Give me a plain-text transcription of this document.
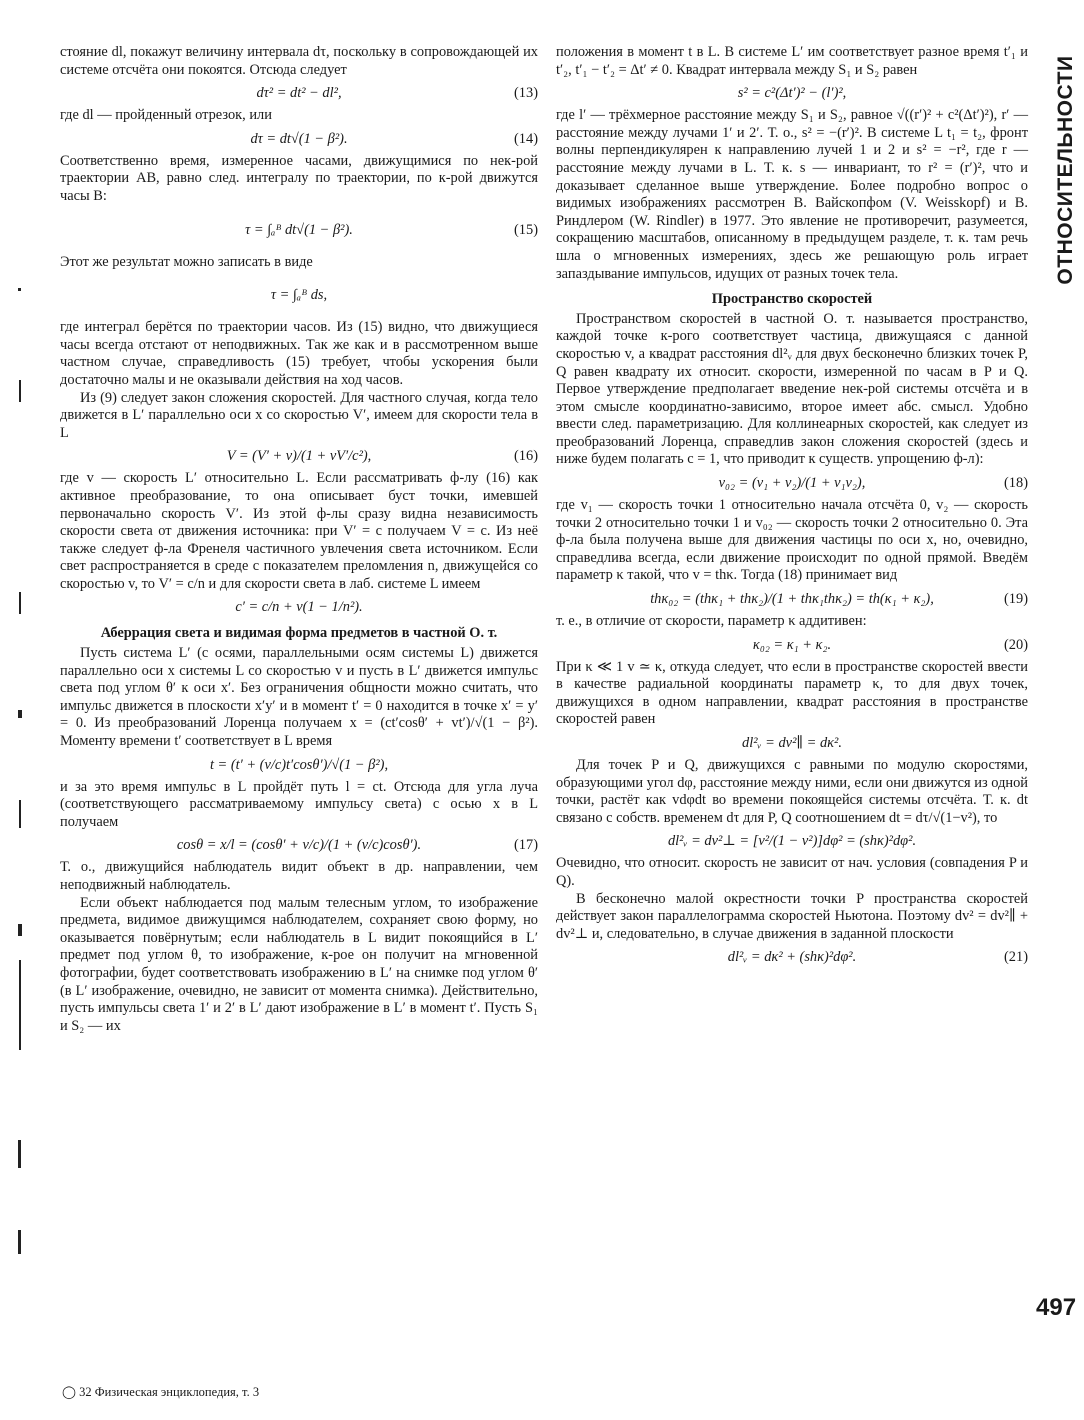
ОТНОСИТЕЛЬНОСТИ

стояние dl, покажут величину интервала dτ, поскольку в сопровождающей их системе отсчёта они покоятся. Отсюда следует

dτ² = dt² − dl²,	(13)

где dl — пройденный отрезок, или

dτ = dt√(1 − β²).	(14)

Соответственно время, измеренное часами, движущимися по нек-рой траектории AB, равно след. интегралу по траектории, по к-рой движутся часы B:

τ = ∫ₐᴮ dt√(1 − β²).	(15)

Этот же результат можно записать в виде

τ = ∫ₐᴮ ds,

где интеграл берётся по траектории часов. Из (15) видно, что движущиеся часы всегда отстают от неподвижных. Так же как и в рассмотренном выше частном случае, справедливость (15) требует, чтобы ускорения были достаточно малы и не оказывали действия на ход часов.

Из (9) следует закон сложения скоростей. Для частного случая, когда тело движется в L′ параллельно оси x со скоростью V′, имеем для скорости тела в L

V = (V′ + v)/(1 + vV′/c²),	(16)

где v — скорость L′ относительно L. Если рассматривать ф-лу (16) как активное преобразование, то она описывает буст точки, имевшей первоначально скорость V′. Из этой ф-лы сразу видна независимость скорости света от движения источника: при V′ = c получаем V = c. Из неё также следует ф-ла Френеля частичного увлечения света источником. Если свет распространяется в среде с показателем преломления n, движущейся со скоростью v, то V′ = c/n и для скорости света в лаб. системе L имеем

c′ = c/n + v(1 − 1/n²).
Аберрация света и видимая форма предметов в частной О. т.

Пусть система L′ (с осями, параллельными осям системы L) движется параллельно оси x системы L со скоростью v и пусть в L′ движется импульс света под углом θ′ к оси x′. Без ограничения общности можно считать, что импульс движется в плоскости x′y′ и в момент t′ = 0 находится в точке x′ = y′ = 0. Из преобразований Лоренца получаем x = (ct′cosθ′ + vt′)/√(1 − β²). Моменту времени t′ соответствует в L время

t = (t′ + (v/c)t′cosθ′)/√(1 − β²),

и за это время импульс в L пройдёт путь l = ct. Отсюда для угла луча (соответствующего рассматриваемому импульсу света) с осью x в L получаем

cosθ = x/l = (cosθ′ + v/c)/(1 + (v/c)cosθ′).	(17)

Т. о., движущийся наблюдатель видит объект в др. направлении, чем неподвижный наблюдатель.

Если объект наблюдается под малым телесным углом, то изображение предмета, видимое движущимся наблюдателем, сохраняет свою форму, но оказывается повёрнутым; если наблюдатель в L видит покоящийся в L′ предмет под углом θ, то изображение, к-рое он получит на мгновенной фотографии, будет соответствовать изображению в L′ на снимке под углом θ′ (в L′ изображение, очевидно, не зависит от момента снимка). Действительно, пусть импульсы света 1′ и 2′ в L′ дают изображение в L′ в момент t′. Пусть S₁ и S₂ — их

положения в момент t в L. В системе L′ им соответствует разное время t′₁ и t′₂, t′₁ − t′₂ = Δt′ ≠ 0. Квадрат интервала между S₁ и S₂ равен

s² = c²(Δt′)² − (l′)²,

где l′ — трёхмерное расстояние между S₁ и S₂, равное √((r′)² + c²(Δt′)²), r′ — расстояние между лучами 1′ и 2′. Т. о., s² = −(r′)². В системе L t₁ = t₂, фронт волны перпендикулярен к направлению лучей 1 и 2 и s² = −r², где r — расстояние между лучами в L. Т. к. s — инвариант, то r² = (r′)², что и доказывает сделанное выше утверждение. Более подробно вопрос о видимых изображениях рассмотрен В. Вайскопфом (V. Weisskopf) и В. Риндлером (W. Rindler) в 1977. Это явление не противоречит, разумеется, сокращению масштабов, описанному в предыдущем разделе, т. к. там речь шла о мгновенных измерениях, здесь же решающую роль играет запаздывание импульсов, идущих от разных точек тела.

Пространство скоростей

Пространством скоростей в частной О. т. называется пространство, каждой точке к-рого соответствует частица, движущаяся с данной скоростью v, а квадрат расстояния dl²ᵥ для двух бесконечно близких точек P, Q равен квадрату их относит. скорости, измеренной по часам в P и Q. Первое утверждение предполагает введение нек-рой системы отсчёта и в этом смысле координатно-зависимо, второе имеет абс. смысл. Удобно ввести след. параметризацию. Для коллинеарных скоростей, как следует из преобразований Лоренца, справедлив закон сложения скоростей (здесь и ниже будем полагать c = 1, что приводит к существ. упрощению ф-л):

v₀₂ = (v₁ + v₂)/(1 + v₁v₂),	(18)

где v₁ — скорость точки 1 относительно начала отсчёта 0, v₂ — скорость точки 2 относительно точки 1 и v₀₂ — скорость точки 2 относительно 0. Эта ф-ла была получена выше для движения частицы по оси x, но, очевидно, справедлива всегда, если движение происходит по одной прямой. Введём параметр κ такой, что v = thκ. Тогда (18) принимает вид

thκ₀₂ = (thκ₁ + thκ₂)/(1 + thκ₁thκ₂) = th(κ₁ + κ₂),	(19)

т. е., в отличие от скорости, параметр κ аддитивен:

κ₀₂ = κ₁ + κ₂.	(20)

При κ ≪ 1 v ≃ κ, откуда следует, что если в пространстве скоростей ввести в качестве радиальной координаты параметр κ, то для двух точек, движущихся в одном направлении, квадрат расстояния в пространстве скоростей равен

dl²ᵥ = dv²∥ = dκ².

Для точек P и Q, движущихся с равными по модулю скоростями, образующими угол dφ, расстояние между ними, если они движутся из одной точки, растёт как vdφdt во времени покоящейся системы отсчёта. Т. к. dt связано с собств. временем dτ для P, Q соотношением dt = dτ/√(1−v²), то

dl²ᵥ = dv²⊥ = [v²/(1 − v²)]dφ² = (shκ)²dφ².

Очевидно, что относит. скорость не зависит от нач. условия (совпадения P и Q).

В бесконечно малой окрестности точки P пространства скоростей действует закон параллелограмма скоростей Ньютона. Поэтому dv² = dv²∥ + dv²⊥ и, следовательно, в случае движения в заданной плоскости

dl²ᵥ = dκ² + (shκ)²dφ².	(21)
497
◯ 32 Физическая энциклопедия, т. 3
